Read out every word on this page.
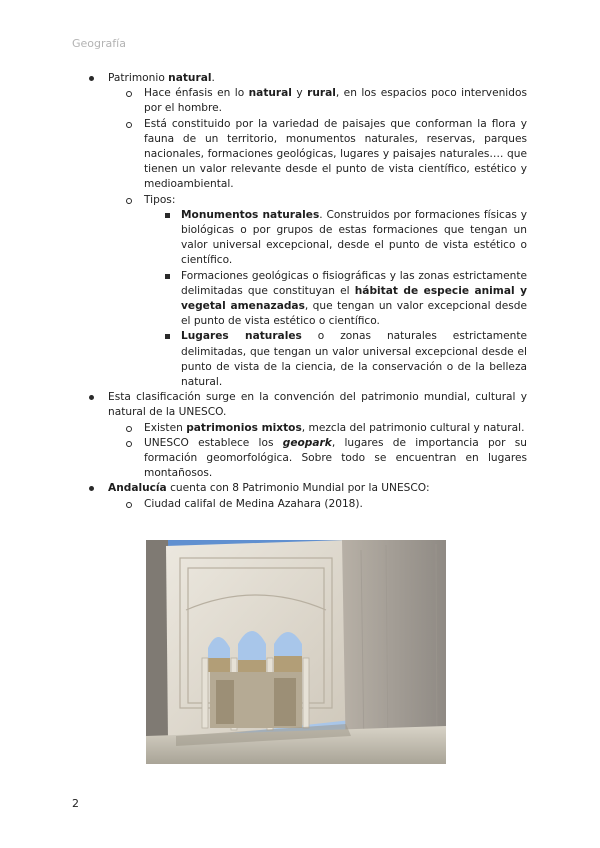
Geografía
Patrimonio natural.
Hace énfasis en lo natural y rural, en los espacios poco intervenidos por el hombre.
Está constituido por la variedad de paisajes que conforman la flora y fauna de un territorio, monumentos naturales, reservas, parques nacionales, formaciones geológicas, lugares y paisajes naturales…. que tienen un valor relevante desde el punto de vista científico, estético y medioambiental.
Tipos:
Monumentos naturales. Construidos por formaciones físicas y biológicas o por grupos de estas formaciones que tengan un valor universal excepcional, desde el punto de vista estético o científico.
Formaciones geológicas o fisiográficas y las zonas estrictamente delimitadas que constituyan el hábitat de especie animal y vegetal amenazadas, que tengan un valor excepcional desde el punto de vista estético o científico.
Lugares naturales o zonas naturales estrictamente delimitadas, que tengan un valor universal excepcional desde el punto de vista de la ciencia, de la conservación o de la belleza natural.
Esta clasificación surge en la convención del patrimonio mundial, cultural y natural de la UNESCO.
Existen patrimonios mixtos, mezcla del patrimonio cultural y natural.
UNESCO establece los geopark, lugares de importancia por su formación geomorfológica. Sobre todo se encuentran en lugares montañosos.
Andalucía cuenta con 8 Patrimonio Mundial por la UNESCO:
Ciudad califal de Medina Azahara (2018).
2
